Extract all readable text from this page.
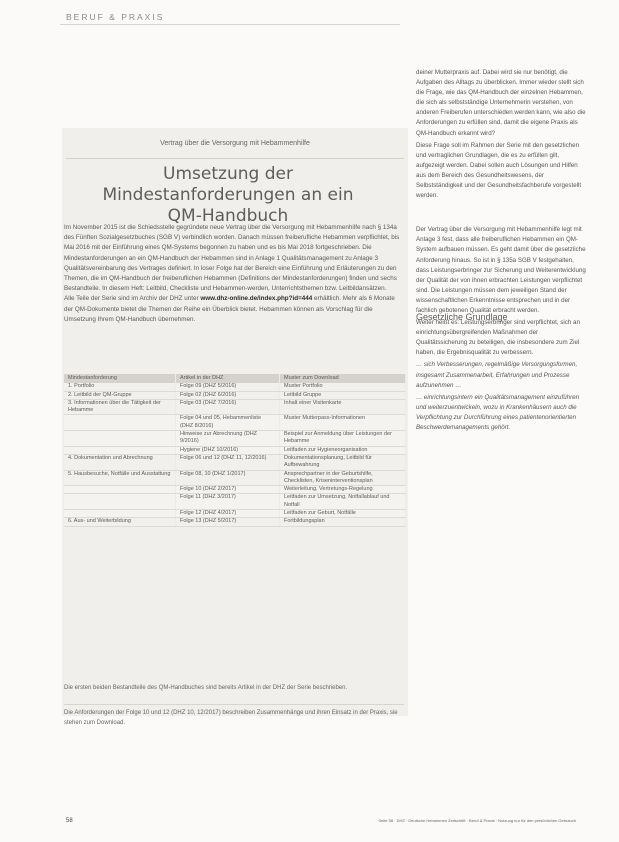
BERUF & PRAXIS
Vertrag über die Versorgung mit Hebammenhilfe
Umsetzung der Mindestanforderungen an ein QM-Handbuch
Im November 2015 ist die Schiedsstelle gegründete neue Vertrag über die Versorgung mit Hebammenhilfe nach § 134a des Fünften Sozialgesetzbuches (SGB V) verbindlich worden. Danach müssen freiberufliche Hebammen verpflichtet, bis Mai 2016 mit der Einführung eines QM-Systems begonnen zu haben und es bis Mai 2018 fortgeschrieben. Die Mindestanforderungen an ein QM-Handbuch der Hebammen sind in Anlage 1 Qualitätsmanagement zu Anlage 3 Qualitätsvereinbarung des Vertrages definiert. In loser Folge hat der Bereich eine Einführung und Erläuterungen zu den Themen, die im QM-Handbuch der freiberuflichen Hebammen (Definitions der Mindestanforderungen) finden und sechs Bestandteile. In diesem Heft: Leitbild, Checkliste und Hebammen-werden, Unterrichtsthemen bzw. Leitbildansätzen.
Alle Teile der Serie sind im Archiv der DHZ unter www.dhz-online.de/index.php?id=444 erhältlich. Mehr als 6 Monate der QM-Dokumente bietet die Themen der Reihe ein Überblick bietet. Hebammen können als Vorschlag für die Umsetzung Ihrem QM-Handbuch übernehmen.
Mindestanforderung	Artikel in der DHZ	Muster zum Download
1. Portfolio	Folge 09 (DHZ 5/2016)	Muster Portfolio
2. Leitbild der QM-Gruppe	Folge 02 (DHZ 6/2016)	Leitbild Gruppe
3. Informationen über die Tätigkeit der Hebamme	Folge 03 (DHZ 7/2016)	Inhalt einer Visitenkarte
	Folge 04 und 05, Hebammenliste (DHZ 8/2016)	Muster Mutterpass-Informationen
	Hinweise zur Abrechnung (DHZ 9/2016)	Beispiel zur Anmeldung über Leistungen der Hebamme
	Hygiene (DHZ 10/2016)	Leitfaden zur Hygieneorganisation
4. Dokumentation und Abrechnung	Folge 06 und 12 (DHZ 11, 12/2016)	Dokumentationsplanung, Leitbild für Aufbewahrung
5. Hausbesuche, Notfälle und Ausstattung	Folge 08, 10 (DHZ 1/2017)	Ansprechpartner in der Geburtshilfe, Checklisten, Kriseninterventionsplan
	Folge 10 (DHZ 2/2017)	Weiterleitung, Vertretungs-Regelung
	Folge 11 (DHZ 3/2017)	Leitfaden zur Umsetzung, Notfallablauf und Notfall
	Folge 12 (DHZ 4/2017)	Leitfaden zur Geburt, Notfälle
6. Aus- und Weiterbildung	Folge 13 (DHZ 5/2017)	Fortbildungsplan
Die ersten beiden Bestandteile des QM-Handbuches sind bereits Artikel in der DHZ der Serie beschrieben.
Die Anforderungen der Folge 10 und 12 (DHZ 10, 12/2017) beschreiben Zusammenhänge und ihren Einsatz in der Praxis, sie stehen zum Download.

deiner Mutterpraxis auf. Dabei wird sie nur benötigt, die Aufgaben des Alltags zu überblicken. Immer wieder stellt sich die Frage, wie das QM-Handbuch der einzelnen Hebammen, die sich als selbstständige Unternehmerin verstehen, von anderen Freiberufen unterschieden werden kann, wie also die Anforderungen zu erfüllen sind, damit die eigene Praxis als QM-Handbuch erkannt wird?

Diese Frage soll im Rahmen der Serie mit den gesetzlichen und vertraglichen Grundlagen, die es zu erfüllen gilt, aufgezeigt werden. Dabei sollen auch Lösungen und Hilfen aus dem Bereich des Gesundheitswesens, der Selbstständigkeit und der Gesundheitsfachberufe vorgestellt werden.

Der Vertrag über die Versorgung mit Hebammenhilfe legt mit Anlage 3 fest, dass alle freiberuflichen Hebammen ein QM-System aufbauen müssen. Es geht damit über die gesetzliche Anforderung hinaus. So ist in § 135a SGB V festgehalten, dass Leistungserbringer zur Sicherung und Weiterentwicklung der Qualität der von ihnen erbrachten Leistungen verpflichtet sind. Die Leistungen müssen dem jeweiligen Stand der wissenschaftlichen Erkenntnisse entsprechen und in der fachlich gebotenen Qualität erbracht werden.

Weiter heißt es: Leistungserbringer sind verpflichtet, sich an einrichtungsübergreifenden Maßnahmen der Qualitätssicherung zu beteiligen, die insbesondere zum Ziel haben, die Ergebnisqualität zu verbessern.

… sich Verbesserungen, regelmäßige Versorgungsformen, insgesamt Zusammenarbeit, Erfahrungen und Prozesse aufzunehmen …

… einrichtungsintern ein Qualitätsmanagement einzuführen und weiterzuentwickeln, wozu in Krankenhäusern auch die Verpflichtung zur Durchführung eines patientenorientierten Beschwerdemanagements gehört.

Gesetzliche Grundlage
58	Seite 58 · DHZ · Deutsche Hebammen Zeitschrift · Beruf & Praxis · Nutzung nur für den persönlichen Gebrauch
